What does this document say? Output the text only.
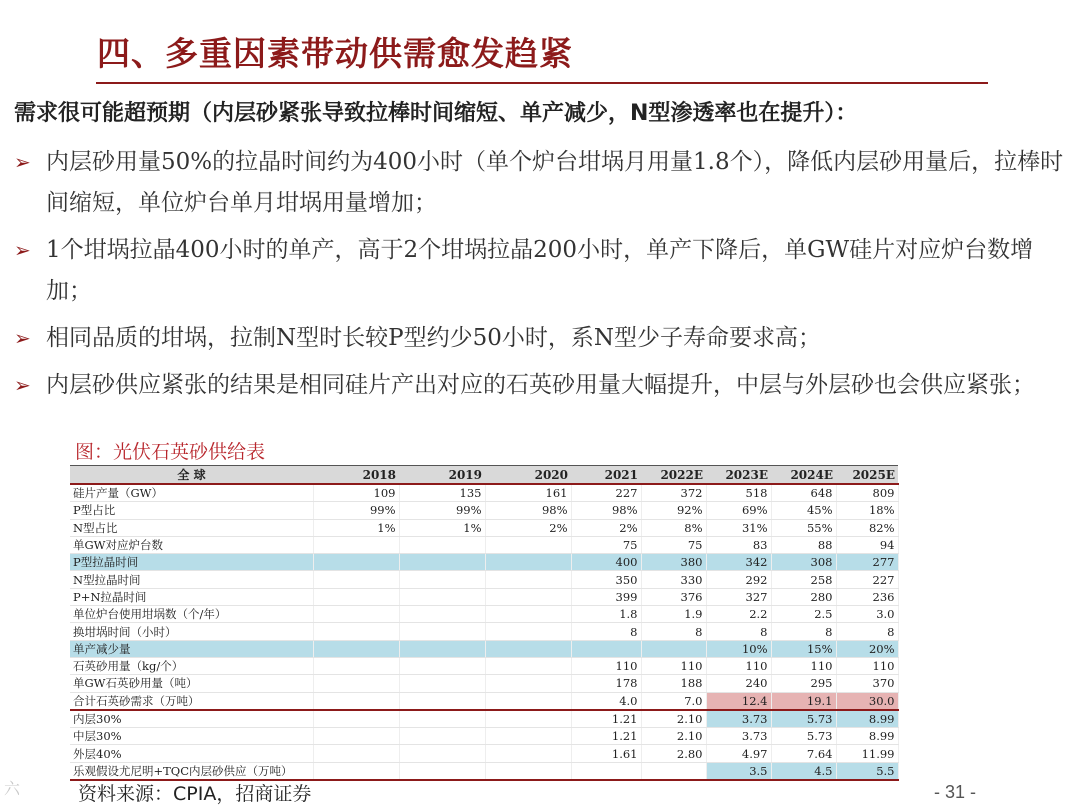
四、多重因素带动供需愈发趋紧
需求很可能超预期（内层砂紧张导致拉棒时间缩短、单产减少，N型渗透率也在提升）：
➢ 内层砂用量50%的拉晶时间约为400小时（单个炉台坩埚月用量1.8个），降低内层砂用量后，拉棒时间缩短，单位炉台单月坩埚用量增加；
➢ 1个坩埚拉晶400小时的单产，高于2个坩埚拉晶200小时，单产下降后，单GW硅片对应炉台数增加；
➢ 相同品质的坩埚，拉制N型时长较P型约少50小时，系N型少子寿命要求高；
➢ 内层砂供应紧张的结果是相同硅片产出对应的石英砂用量大幅提升，中层与外层砂也会供应紧张；
图：光伏石英砂供给表
全 球	2018	2019	2020	2021	2022E	2023E	2024E	2025E
硅片产量（GW）	109	135	161	227	372	518	648	809
P型占比	99%	99%	98%	98%	92%	69%	45%	18%
N型占比	1%	1%	2%	2%	8%	31%	55%	82%
单GW对应炉台数				75	75	83	88	94
P型拉晶时间				400	380	342	308	277
N型拉晶时间				350	330	292	258	227
P+N拉晶时间				399	376	327	280	236
单位炉台使用坩埚数（个/年）				1.8	1.9	2.2	2.5	3.0
换坩埚时间（小时）				8	8	8	8	8
单产减少量						10%	15%	20%
石英砂用量（kg/个）				110	110	110	110	110
单GW石英砂用量（吨）				178	188	240	295	370
合计石英砂需求（万吨）				4.0	7.0	12.4	19.1	30.0
内层30%				1.21	2.10	3.73	5.73	8.99
中层30%				1.21	2.10	3.73	5.73	8.99
外层40%				1.61	2.80	4.97	7.64	11.99
乐观假设尤尼明+TQC内层砂供应（万吨）						3.5	4.5	5.5
资料来源：CPIA，招商证券	- 31 -
六
